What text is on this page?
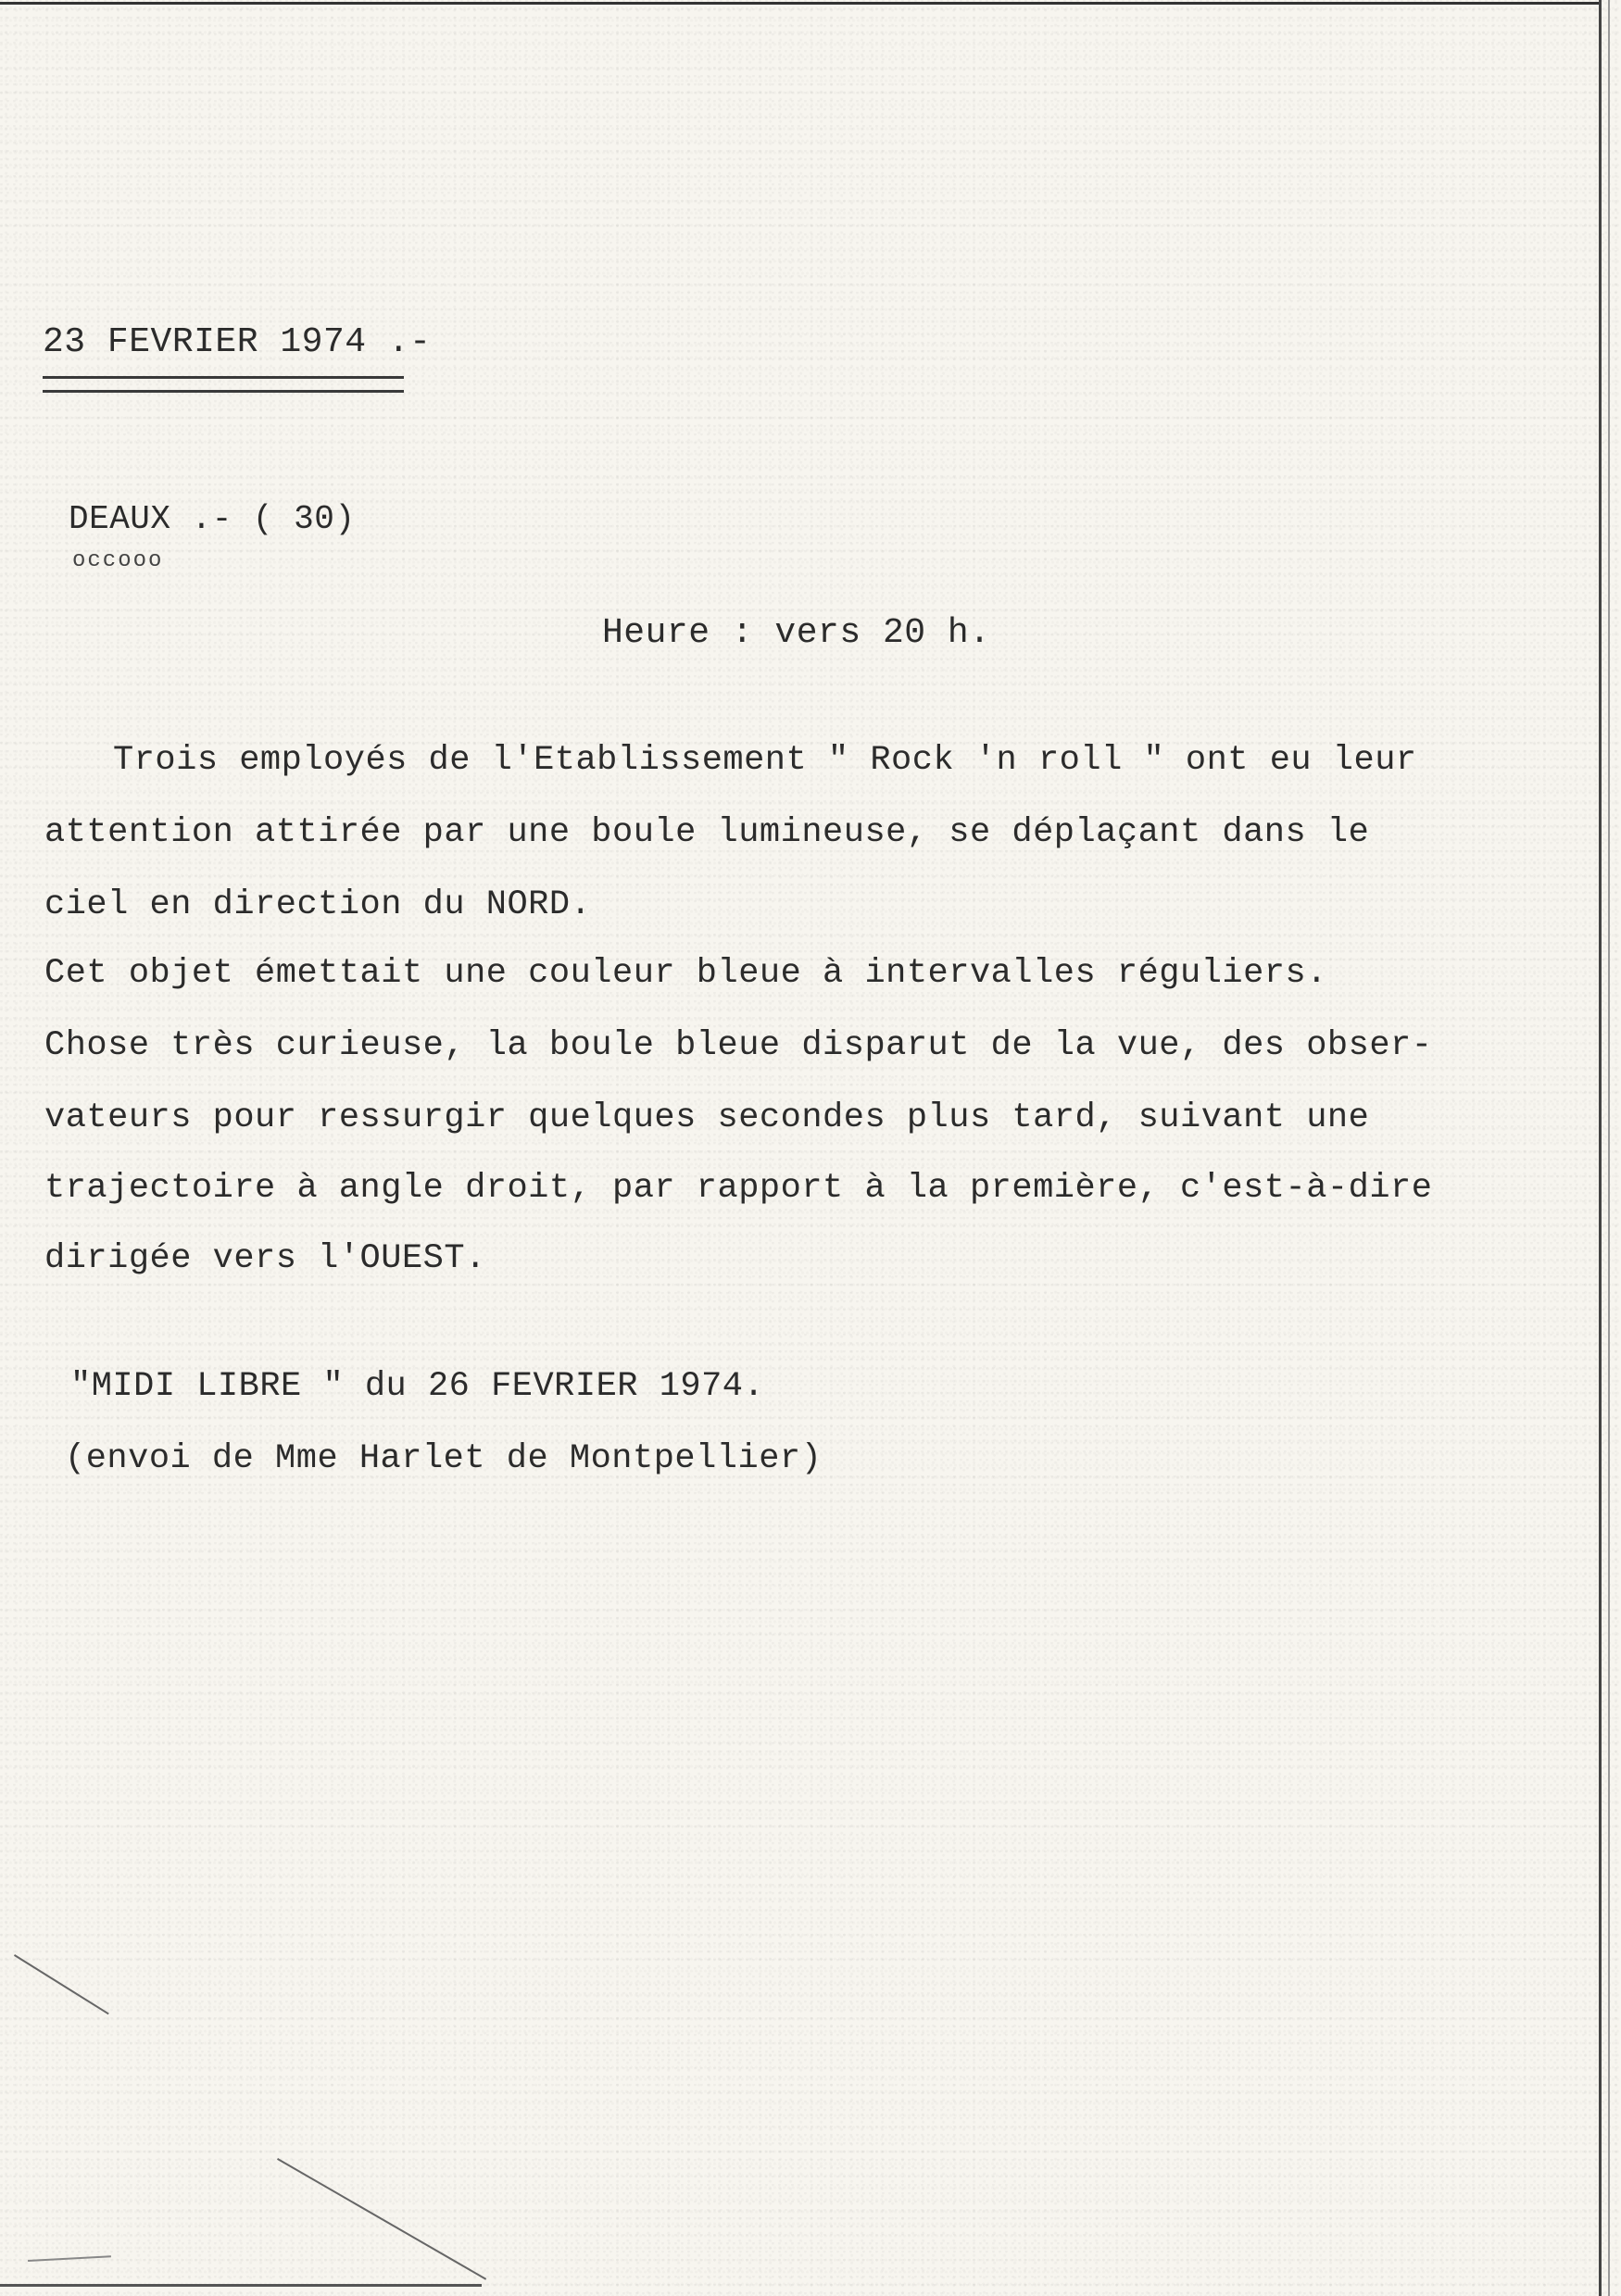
23 FEVRIER 1974 .-
DEAUX .- ( 30)
occooo
Heure : vers 20 h.
Trois employés de l'Etablissement " Rock 'n roll " ont eu leur
attention attirée par une boule lumineuse, se déplaçant dans le
ciel en direction du NORD.
Cet objet émettait une couleur bleue à intervalles réguliers.
Chose très curieuse, la boule bleue disparut de la vue, des obser-
vateurs pour ressurgir quelques secondes plus tard, suivant une
trajectoire à angle droit, par rapport à la première, c'est-à-dire
dirigée vers l'OUEST.
"MIDI LIBRE " du 26 FEVRIER 1974.
(envoi de Mme Harlet de Montpellier)
